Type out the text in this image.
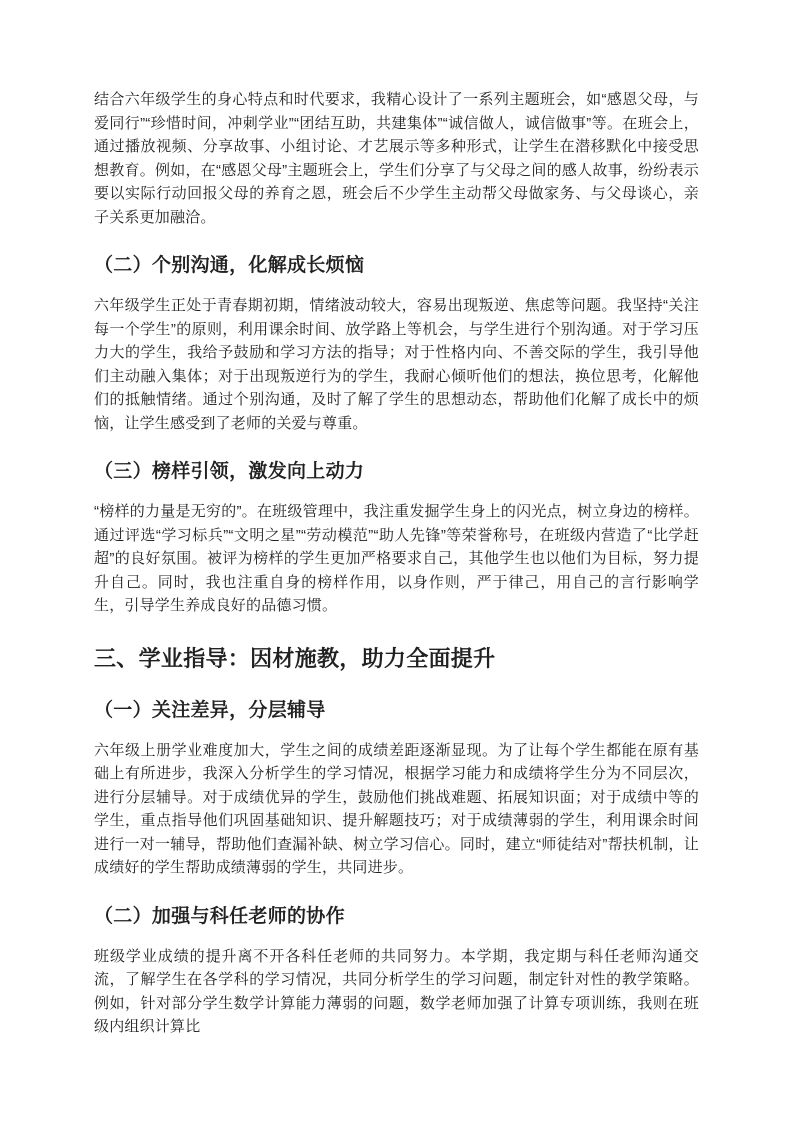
结合六年级学生的身心特点和时代要求，我精心设计了一系列主题班会，如“感恩父母，与爱同行”“珍惜时间，冲刺学业”“团结互助，共建集体”“诚信做人，诚信做事”等。在班会上，通过播放视频、分享故事、小组讨论、才艺展示等多种形式，让学生在潜移默化中接受思想教育。例如，在“感恩父母”主题班会上，学生们分享了与父母之间的感人故事，纷纷表示要以实际行动回报父母的养育之恩，班会后不少学生主动帮父母做家务、与父母谈心，亲子关系更加融洽。

（二）个别沟通，化解成长烦恼

六年级学生正处于青春期初期，情绪波动较大，容易出现叛逆、焦虑等问题。我坚持“关注每一个学生”的原则，利用课余时间、放学路上等机会，与学生进行个别沟通。对于学习压力大的学生，我给予鼓励和学习方法的指导；对于性格内向、不善交际的学生，我引导他们主动融入集体；对于出现叛逆行为的学生，我耐心倾听他们的想法，换位思考，化解他们的抵触情绪。通过个别沟通，及时了解了学生的思想动态，帮助他们化解了成长中的烦恼，让学生感受到了老师的关爱与尊重。

（三）榜样引领，激发向上动力

“榜样的力量是无穷的”。在班级管理中，我注重发掘学生身上的闪光点，树立身边的榜样。通过评选“学习标兵”“文明之星”“劳动模范”“助人先锋”等荣誉称号，在班级内营造了“比学赶超”的良好氛围。被评为榜样的学生更加严格要求自己，其他学生也以他们为目标，努力提升自己。同时，我也注重自身的榜样作用，以身作则，严于律己，用自己的言行影响学生，引导学生养成良好的品德习惯。

三、学业指导：因材施教，助力全面提升
（一）关注差异，分层辅导

六年级上册学业难度加大，学生之间的成绩差距逐渐显现。为了让每个学生都能在原有基础上有所进步，我深入分析学生的学习情况，根据学习能力和成绩将学生分为不同层次，进行分层辅导。对于成绩优异的学生，鼓励他们挑战难题、拓展知识面；对于成绩中等的学生，重点指导他们巩固基础知识、提升解题技巧；对于成绩薄弱的学生，利用课余时间进行一对一辅导，帮助他们查漏补缺、树立学习信心。同时，建立“师徒结对”帮扶机制，让成绩好的学生帮助成绩薄弱的学生，共同进步。

（二）加强与科任老师的协作

班级学业成绩的提升离不开各科任老师的共同努力。本学期，我定期与科任老师沟通交流，了解学生在各学科的学习情况，共同分析学生的学习问题，制定针对性的教学策略。例如，针对部分学生数学计算能力薄弱的问题，数学老师加强了计算专项训练，我则在班级内组织计算比
